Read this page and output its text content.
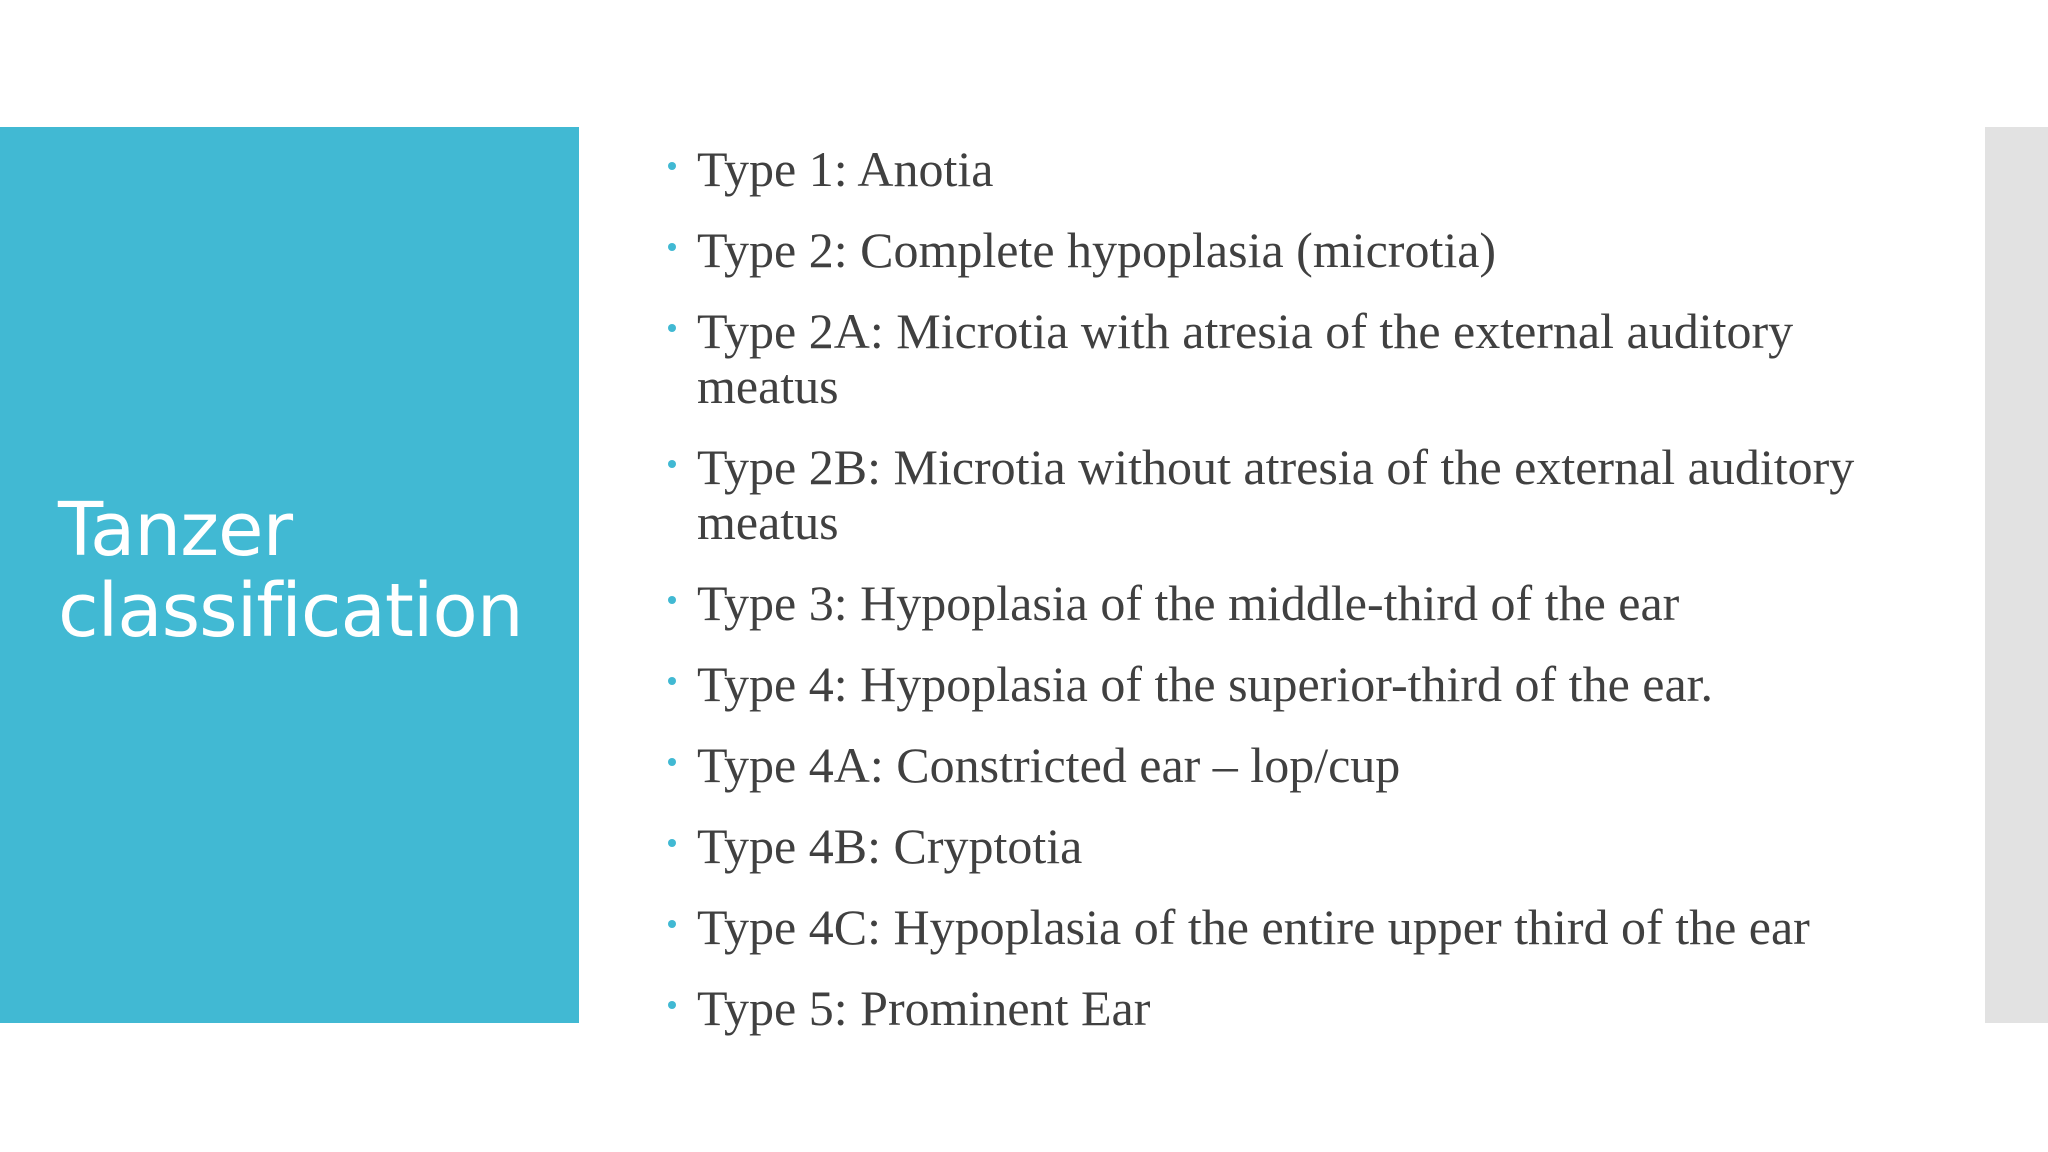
Tanzer classification
Type 1: Anotia
Type 2: Complete hypoplasia (microtia)
Type 2A: Microtia with atresia of the external auditory meatus
Type 2B: Microtia without atresia of the external auditory meatus
Type 3: Hypoplasia of the middle-third of the ear
Type 4: Hypoplasia of the superior-third of the ear.
Type 4A: Constricted ear – lop/cup
Type 4B: Cryptotia
Type 4C: Hypoplasia of the entire upper third of the ear
Type 5: Prominent Ear
